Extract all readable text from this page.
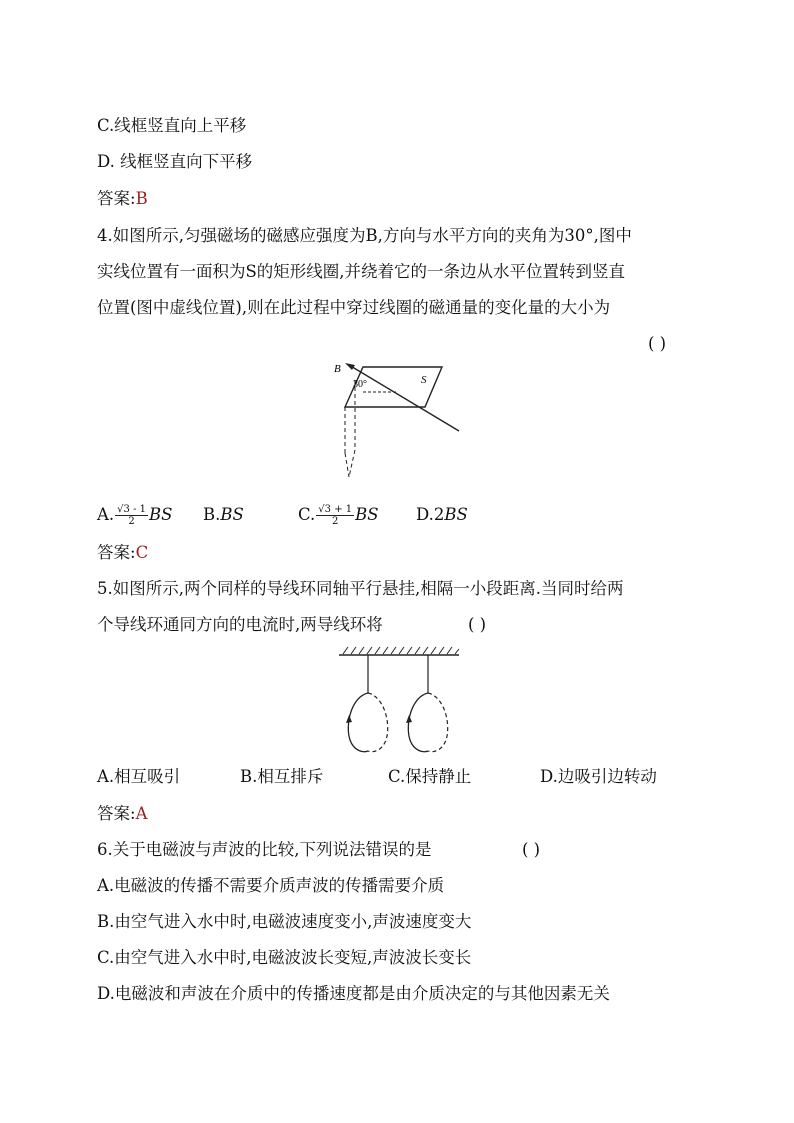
C.线框竖直向上平移
D. 线框竖直向下平移
答案:B
4.如图所示,匀强磁场的磁感应强度为B,方向与水平方向的夹角为30°,图中
实线位置有一面积为S的矩形线圈,并绕着它的一条边从水平位置转到竖直
位置(图中虚线位置),则在此过程中穿过线圈的磁通量的变化量的大小为
( )
B
S
30°
A. $\frac{√3 - 1}{2}$ BS B.BS	C. $\frac{√3 + 1}{2}$ BS D.2BS
答案:C
5.如图所示,两个同样的导线环同轴平行悬挂,相隔一小段距离.当同时给两
个导线环通同方向的电流时,两导线环将	( )
A.相互吸引	B.相互排斥	C.保持静止	D.边吸引边转动
答案:A
6.关于电磁波与声波的比较,下列说法错误的是	( )
A.电磁波的传播不需要介质声波的传播需要介质
B.由空气进入水中时,电磁波速度变小,声波速度变大
C.由空气进入水中时,电磁波波长变短,声波波长变长
D.电磁波和声波在介质中的传播速度都是由介质决定的与其他因素无关
